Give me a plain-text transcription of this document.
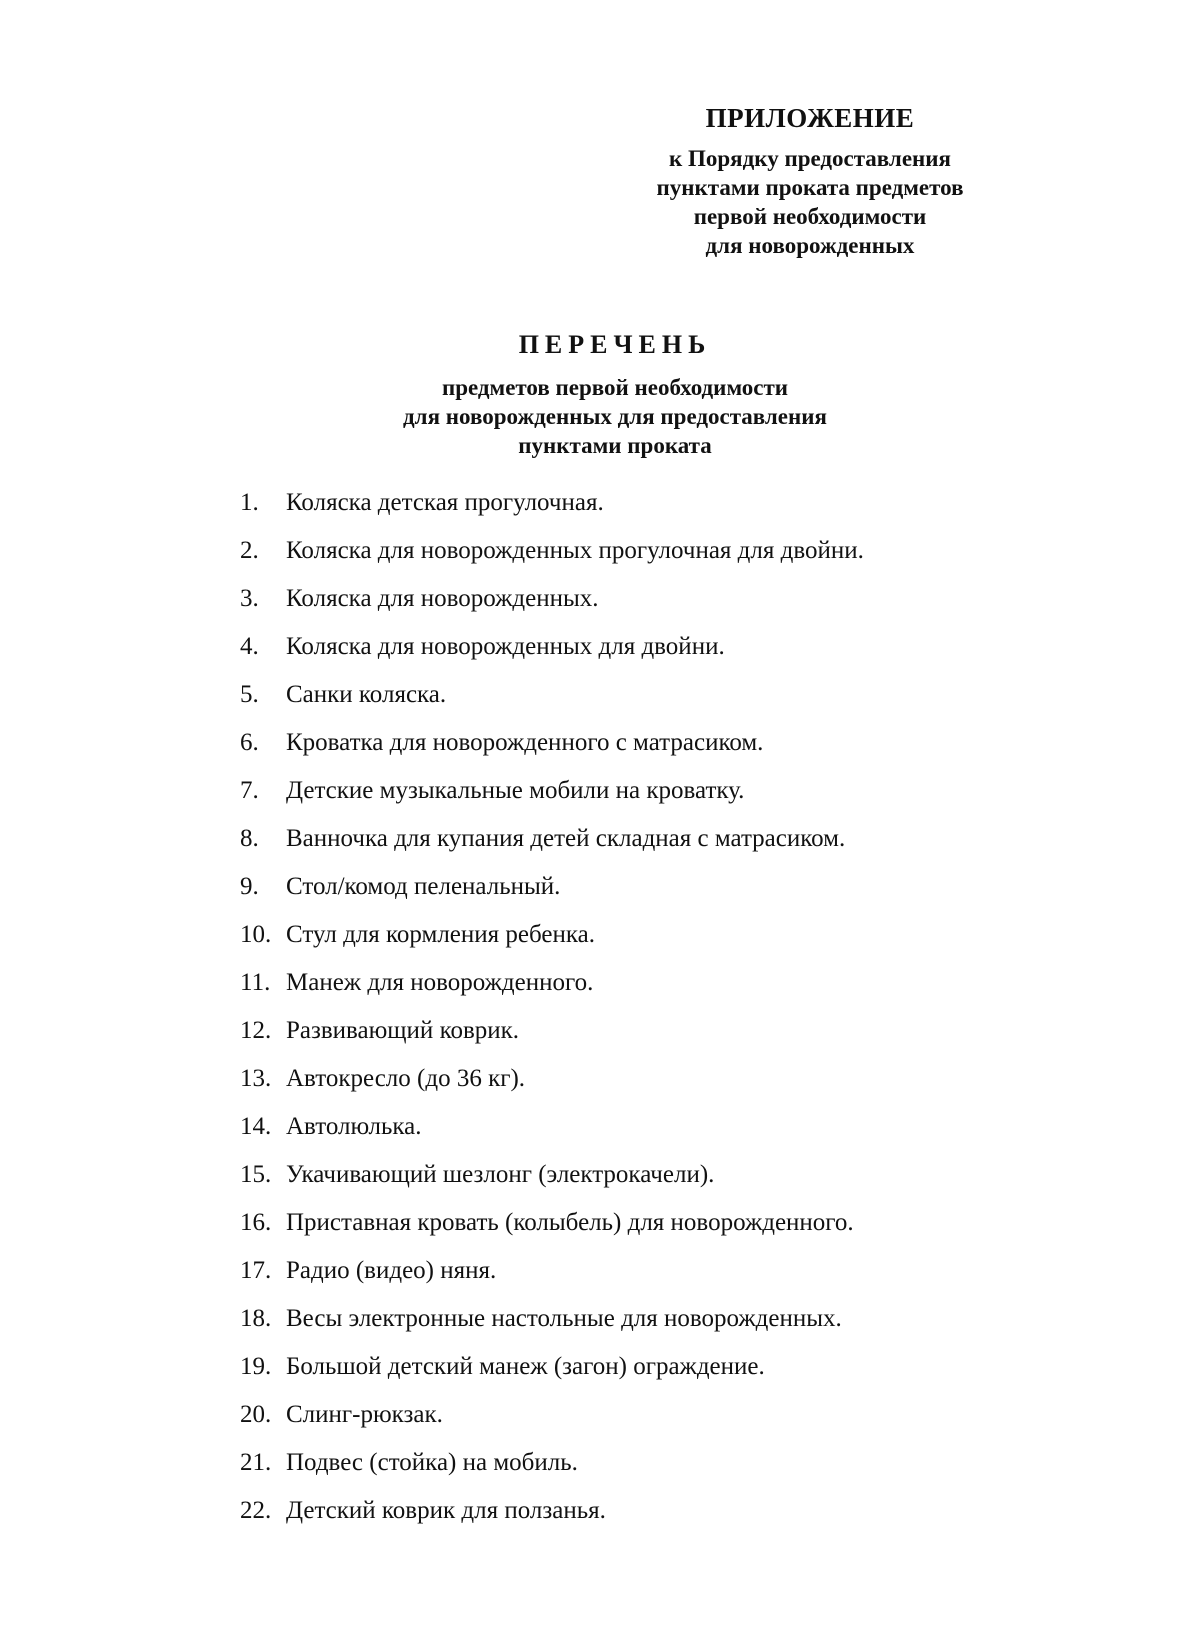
ПРИЛОЖЕНИЕ
к Порядку предоставления
пунктами проката предметов
первой необходимости
для новорожденных
ПЕРЕЧЕНЬ
предметов первой необходимости
для новорожденных для предоставления
пунктами проката
1.	Коляска детская прогулочная.
2.	Коляска для новорожденных прогулочная для двойни.
3.	Коляска для новорожденных.
4.	Коляска для новорожденных для двойни.
5.	Санки коляска.
6.	Кроватка для новорожденного с матрасиком.
7.	Детские музыкальные мобили на кроватку.
8.	Ванночка для купания детей складная с матрасиком.
9.	Стол/комод пеленальный.
10. Стул для кормления ребенка.
11. Манеж для новорожденного.
12. Развивающий коврик.
13. Автокресло (до 36 кг).
14. Автолюлька.
15. Укачивающий шезлонг (электрокачели).
16. Приставная кровать (колыбель) для новорожденного.
17. Радио (видео) няня.
18. Весы электронные настольные для новорожденных.
19. Большой детский манеж (загон) ограждение.
20. Слинг-рюкзак.
21. Подвес (стойка) на мобиль.
22. Детский коврик для ползанья.
